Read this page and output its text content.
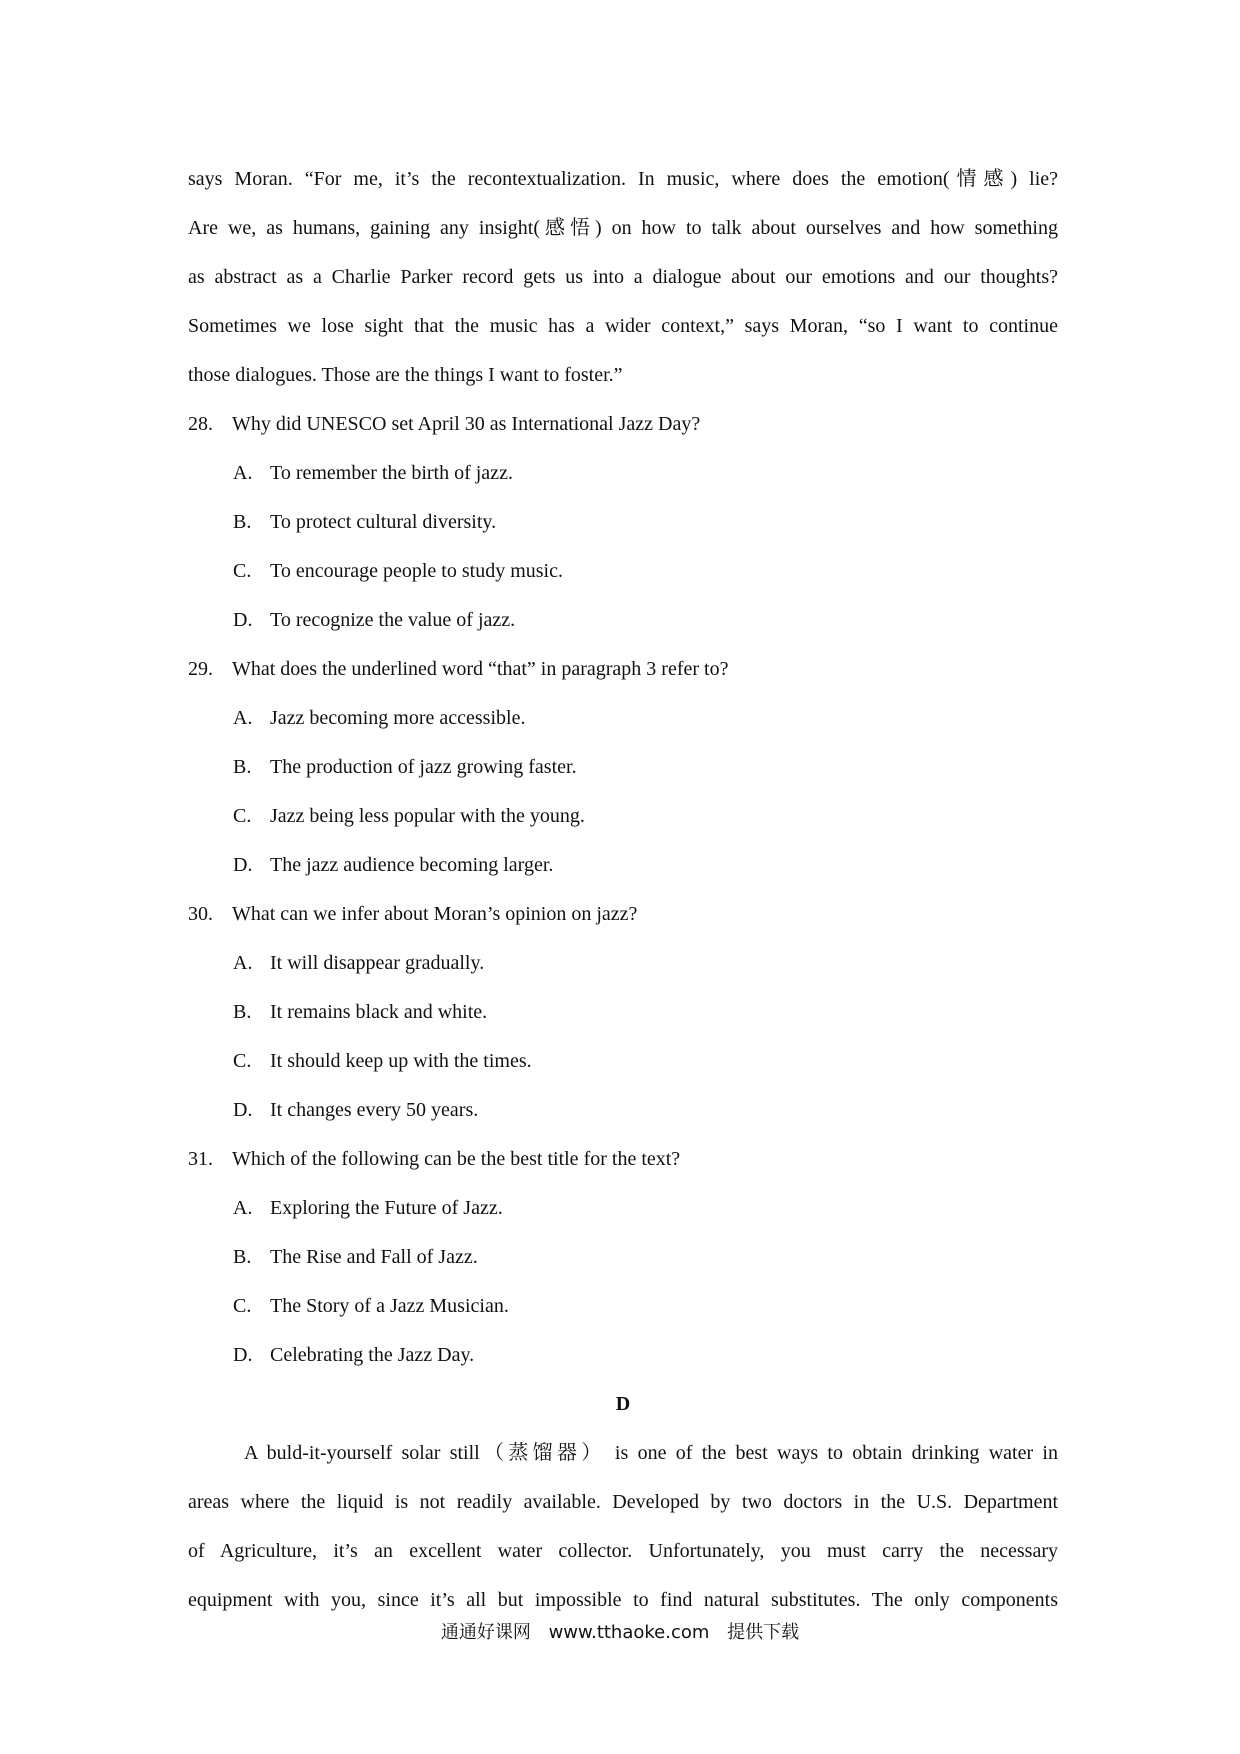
says Moran. “For me, it’s the recontextualization. In music, where does the emotion(情感) lie?
Are we, as humans, gaining any insight(感悟) on how to talk about ourselves and how something
as abstract as a Charlie Parker record gets us into a dialogue about our emotions and our thoughts?
Sometimes we lose sight that the music has a wider context,” says Moran, “so I want to continue
those dialogues. Those are the things I want to foster.”
28. Why did UNESCO set April 30 as International Jazz Day?
A. To remember the birth of jazz.
B. To protect cultural diversity.
C. To encourage people to study music.
D. To recognize the value of jazz.
29. What does the underlined word “that” in paragraph 3 refer to?
A. Jazz becoming more accessible.
B. The production of jazz growing faster.
C. Jazz being less popular with the young.
D. The jazz audience becoming larger.
30. What can we infer about Moran’s opinion on jazz?
A. It will disappear gradually.
B. It remains black and white.
C. It should keep up with the times.
D. It changes every 50 years.
31. Which of the following can be the best title for the text?
A. Exploring the Future of Jazz.
B. The Rise and Fall of Jazz.
C. The Story of a Jazz Musician.
D. Celebrating the Jazz Day.
D
A buld-it-yourself solar still（蒸馏器） is one of the best ways to obtain drinking water in
areas where the liquid is not readily available. Developed by two doctors in the U.S. Department
of Agriculture, it’s an excellent water collector. Unfortunately, you must carry the necessary
equipment with you, since it’s all but impossible to find natural substitutes. The only components
通通好课网 www.tthaoke.com 提供下载
